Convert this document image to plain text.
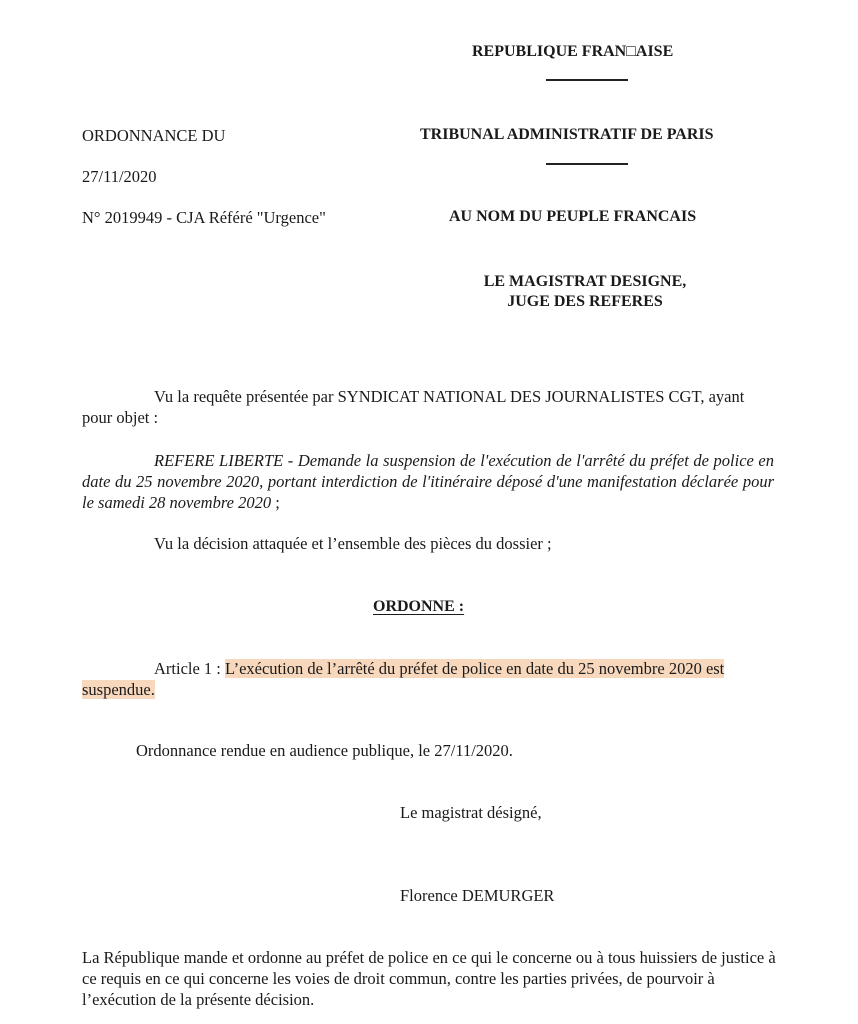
REPUBLIQUE FRAN□AISE
TRIBUNAL ADMINISTRATIF DE PARIS
AU NOM DU PEUPLE FRANCAIS
LE MAGISTRAT DESIGNE,
JUGE DES REFERES
ORDONNANCE DU
27/11/2020
N° 2019949 - CJA Référé "Urgence"
Vu la requête présentée par SYNDICAT NATIONAL DES JOURNALISTES CGT, ayant pour objet :
REFERE LIBERTE - Demande la suspension de l'exécution de l'arrêté du préfet de police en date du 25 novembre 2020, portant interdiction de l'itinéraire déposé d'une manifestation déclarée pour le samedi 28 novembre 2020 ;
Vu la décision attaquée et l’ensemble des pièces du dossier ;
ORDONNE :
Article 1 : L’exécution de l’arrêté du préfet de police en date du 25 novembre 2020 est suspendue.
Ordonnance rendue en audience publique, le 27/11/2020.
Le magistrat désigné,
Florence DEMURGER
La République mande et ordonne au préfet de police en ce qui le concerne ou à tous huissiers de justice à ce requis en ce qui concerne les voies de droit commun, contre les parties privées, de pourvoir à l’exécution de la présente décision.
